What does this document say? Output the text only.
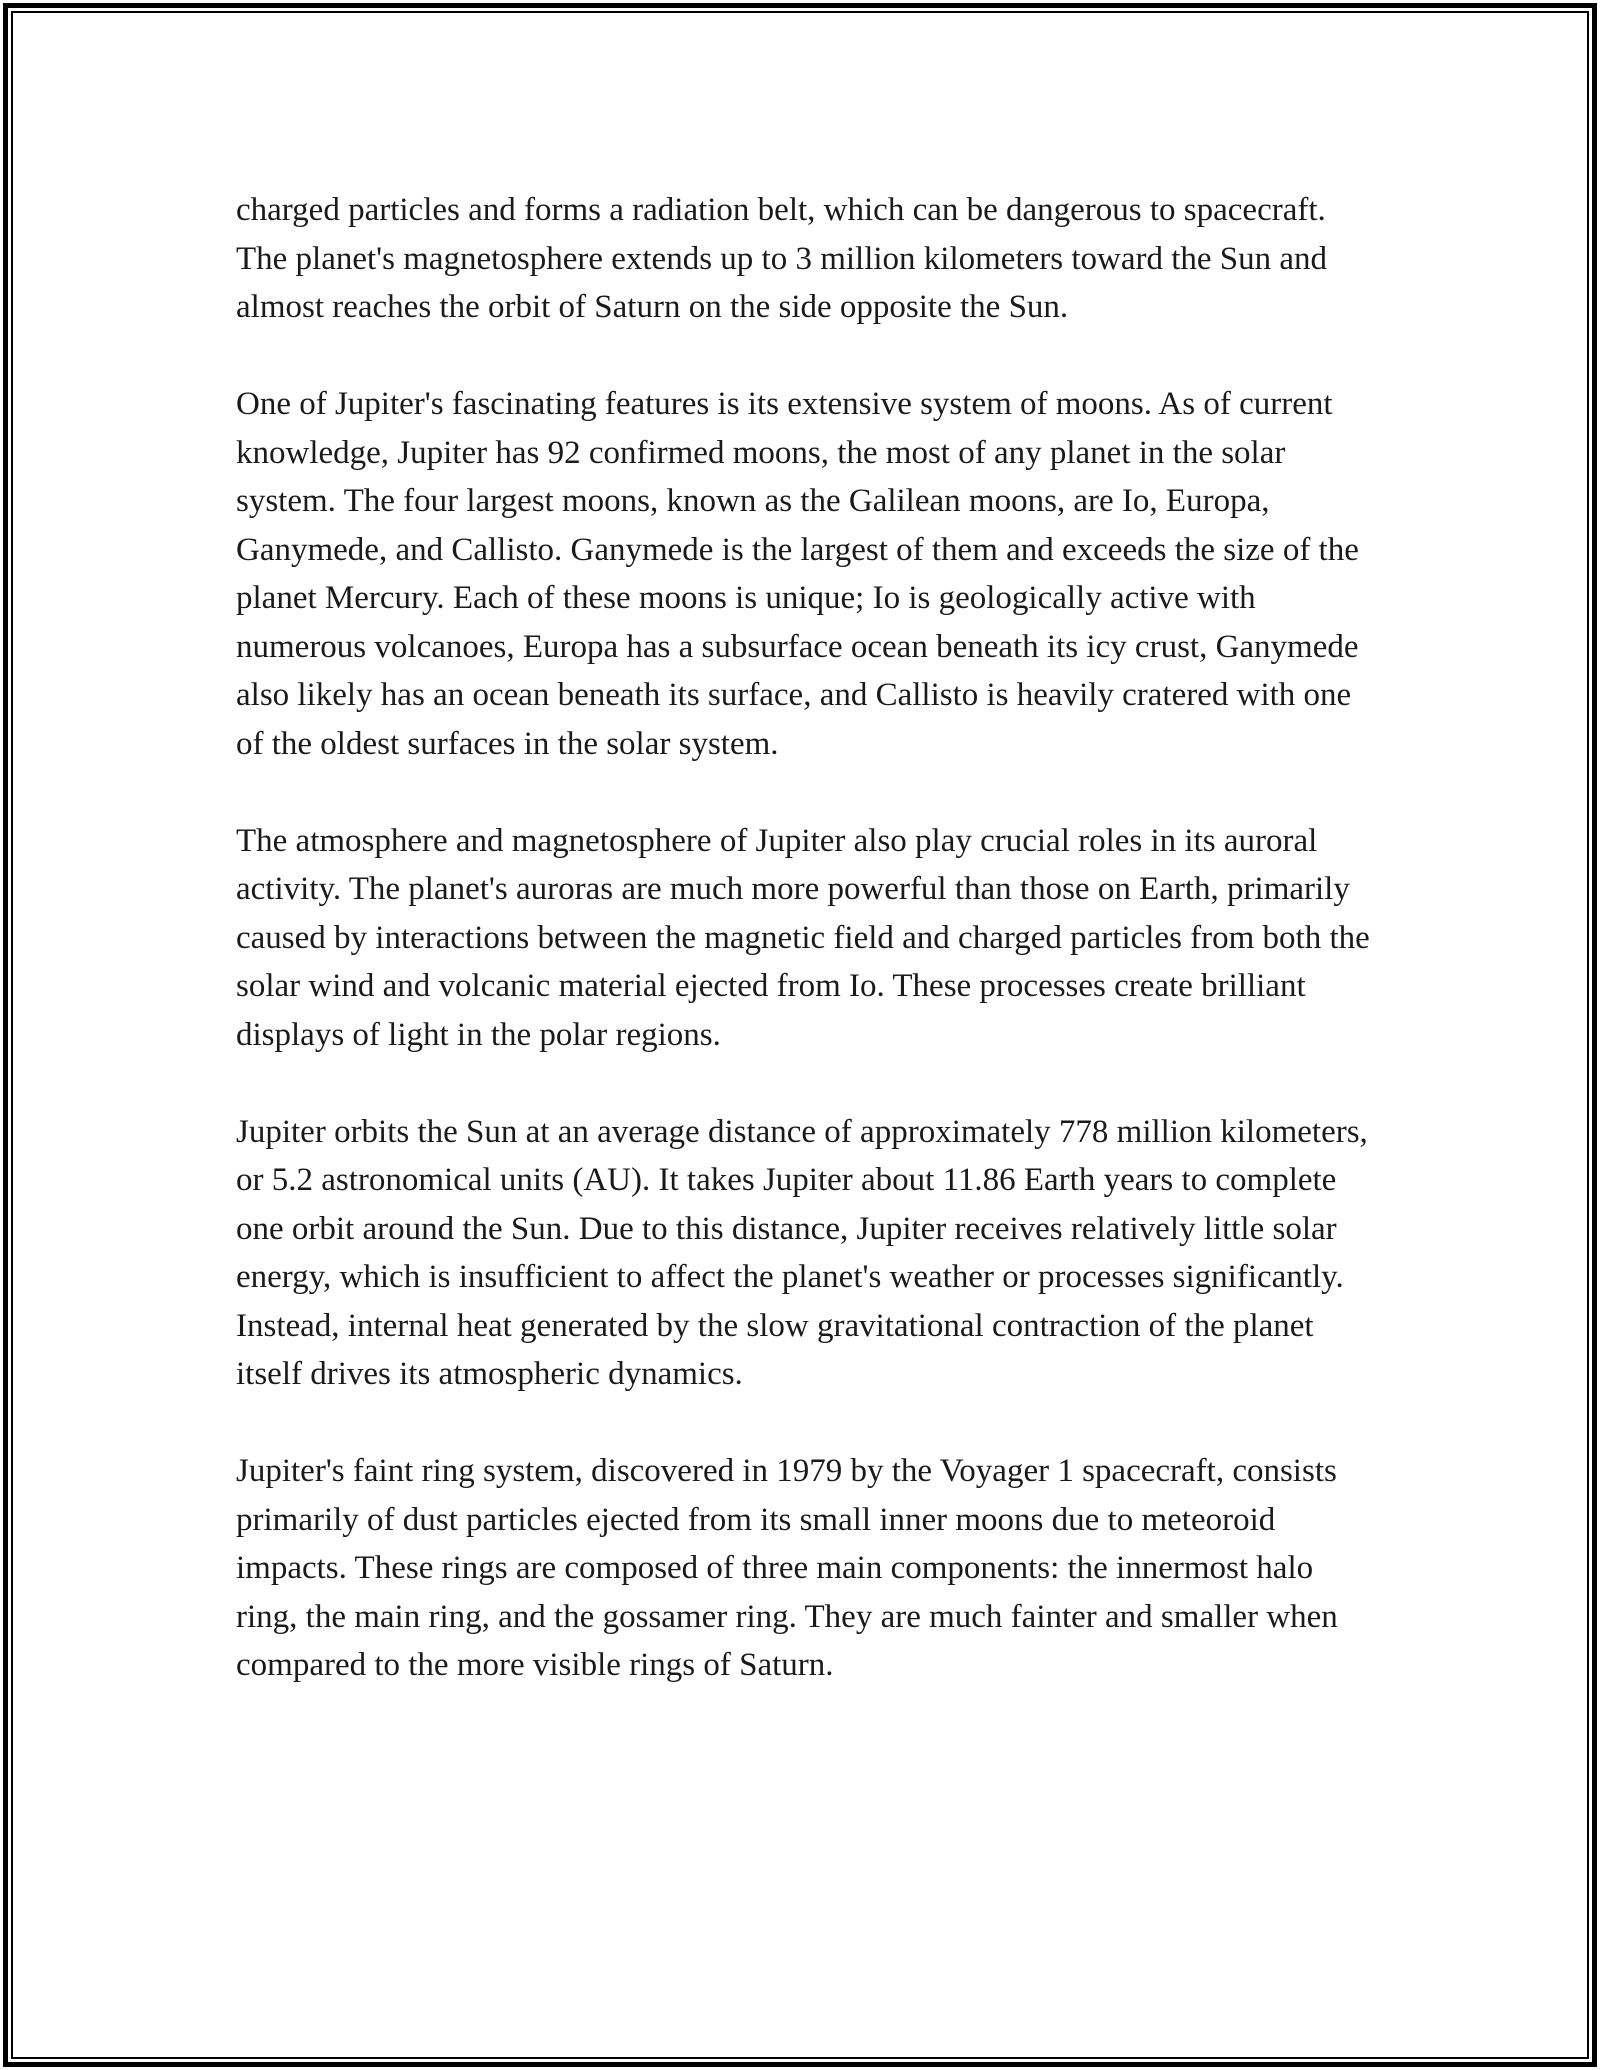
charged particles and forms a radiation belt, which can be dangerous to spacecraft. The planet's magnetosphere extends up to 3 million kilometers toward the Sun and almost reaches the orbit of Saturn on the side opposite the Sun.

One of Jupiter's fascinating features is its extensive system of moons. As of current knowledge, Jupiter has 92 confirmed moons, the most of any planet in the solar system. The four largest moons, known as the Galilean moons, are Io, Europa, Ganymede, and Callisto. Ganymede is the largest of them and exceeds the size of the planet Mercury. Each of these moons is unique; Io is geologically active with numerous volcanoes, Europa has a subsurface ocean beneath its icy crust, Ganymede also likely has an ocean beneath its surface, and Callisto is heavily cratered with one of the oldest surfaces in the solar system.

The atmosphere and magnetosphere of Jupiter also play crucial roles in its auroral activity. The planet's auroras are much more powerful than those on Earth, primarily caused by interactions between the magnetic field and charged particles from both the solar wind and volcanic material ejected from Io. These processes create brilliant displays of light in the polar regions.

Jupiter orbits the Sun at an average distance of approximately 778 million kilometers, or 5.2 astronomical units (AU). It takes Jupiter about 11.86 Earth years to complete one orbit around the Sun. Due to this distance, Jupiter receives relatively little solar energy, which is insufficient to affect the planet's weather or processes significantly. Instead, internal heat generated by the slow gravitational contraction of the planet itself drives its atmospheric dynamics.

Jupiter's faint ring system, discovered in 1979 by the Voyager 1 spacecraft, consists primarily of dust particles ejected from its small inner moons due to meteoroid impacts. These rings are composed of three main components: the innermost halo ring, the main ring, and the gossamer ring. They are much fainter and smaller when compared to the more visible rings of Saturn.
